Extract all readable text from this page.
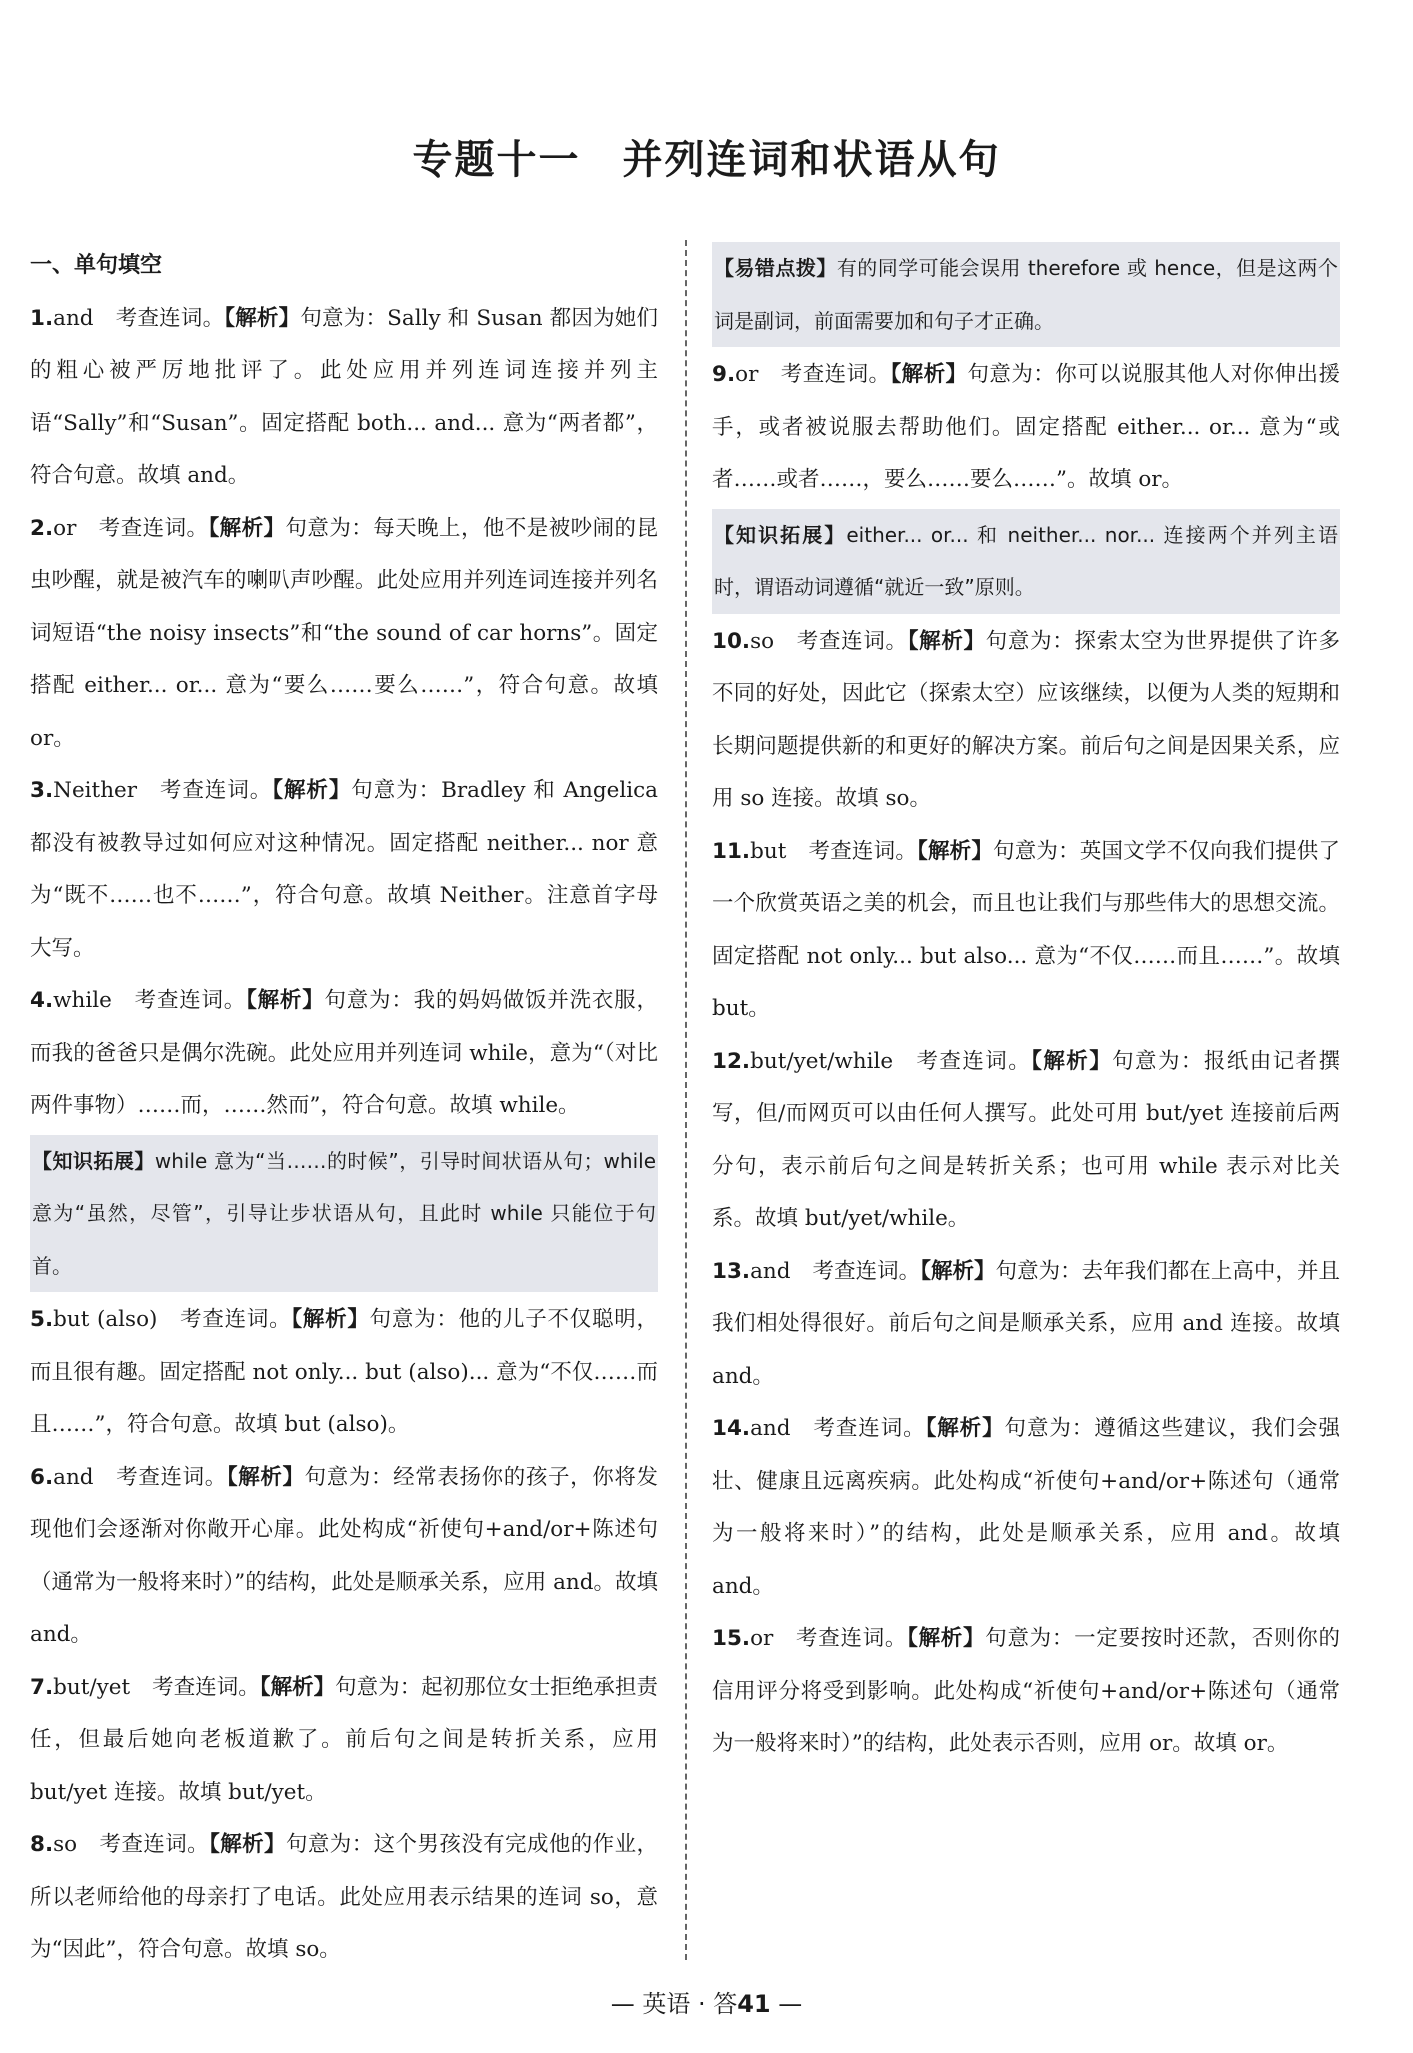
专题十一　并列连词和状语从句

一、单句填空

1.and 考查连词。【解析】句意为：Sally 和 Susan 都因为她们的粗心被严厉地批评了。此处应用并列连词连接并列主语“Sally”和“Susan”。固定搭配 both... and... 意为“两者都”，符合句意。故填 and。

2.or 考查连词。【解析】句意为：每天晚上，他不是被吵闹的昆虫吵醒，就是被汽车的喇叭声吵醒。此处应用并列连词连接并列名词短语“the noisy insects”和“the sound of car horns”。固定搭配 either... or... 意为“要么……要么……”，符合句意。故填 or。

3.Neither 考查连词。【解析】句意为：Bradley 和 Angelica 都没有被教导过如何应对这种情况。固定搭配 neither... nor 意为“既不……也不……”，符合句意。故填 Neither。注意首字母大写。

4.while 考查连词。【解析】句意为：我的妈妈做饭并洗衣服，而我的爸爸只是偶尔洗碗。此处应用并列连词 while，意为“（对比两件事物）……而，……然而”，符合句意。故填 while。

【知识拓展】while 意为“当……的时候”，引导时间状语从句；while 意为“虽然，尽管”，引导让步状语从句，且此时 while 只能位于句首。

5.but (also) 考查连词。【解析】句意为：他的儿子不仅聪明，而且很有趣。固定搭配 not only... but (also)... 意为“不仅……而且……”，符合句意。故填 but (also)。

6.and 考查连词。【解析】句意为：经常表扬你的孩子，你将发现他们会逐渐对你敞开心扉。此处构成“祈使句+and/or+陈述句（通常为一般将来时）”的结构，此处是顺承关系，应用 and。故填 and。

7.but/yet 考查连词。【解析】句意为：起初那位女士拒绝承担责任，但最后她向老板道歉了。前后句之间是转折关系，应用 but/yet 连接。故填 but/yet。

8.so 考查连词。【解析】句意为：这个男孩没有完成他的作业，所以老师给他的母亲打了电话。此处应用表示结果的连词 so，意为“因此”，符合句意。故填 so。

【易错点拨】有的同学可能会误用 therefore 或 hence，但是这两个词是副词，前面需要加和句子才正确。

9.or 考查连词。【解析】句意为：你可以说服其他人对你伸出援手，或者被说服去帮助他们。固定搭配 either... or... 意为“或者……或者……，要么……要么……”。故填 or。

【知识拓展】either... or... 和 neither... nor... 连接两个并列主语时，谓语动词遵循“就近一致”原则。

10.so 考查连词。【解析】句意为：探索太空为世界提供了许多不同的好处，因此它（探索太空）应该继续，以便为人类的短期和长期问题提供新的和更好的解决方案。前后句之间是因果关系，应用 so 连接。故填 so。

11.but 考查连词。【解析】句意为：英国文学不仅向我们提供了一个欣赏英语之美的机会，而且也让我们与那些伟大的思想交流。固定搭配 not only... but also... 意为“不仅……而且……”。故填 but。

12.but/yet/while 考查连词。【解析】句意为：报纸由记者撰写，但/而网页可以由任何人撰写。此处可用 but/yet 连接前后两分句，表示前后句之间是转折关系；也可用 while 表示对比关系。故填 but/yet/while。

13.and 考查连词。【解析】句意为：去年我们都在上高中，并且我们相处得很好。前后句之间是顺承关系，应用 and 连接。故填 and。

14.and 考查连词。【解析】句意为：遵循这些建议，我们会强壮、健康且远离疾病。此处构成“祈使句+and/or+陈述句（通常为一般将来时）”的结构，此处是顺承关系，应用 and。故填 and。

15.or 考查连词。【解析】句意为：一定要按时还款，否则你的信用评分将受到影响。此处构成“祈使句+and/or+陈述句（通常为一般将来时）”的结构，此处表示否则，应用 or。故填 or。

— 英语 · 答41 —
